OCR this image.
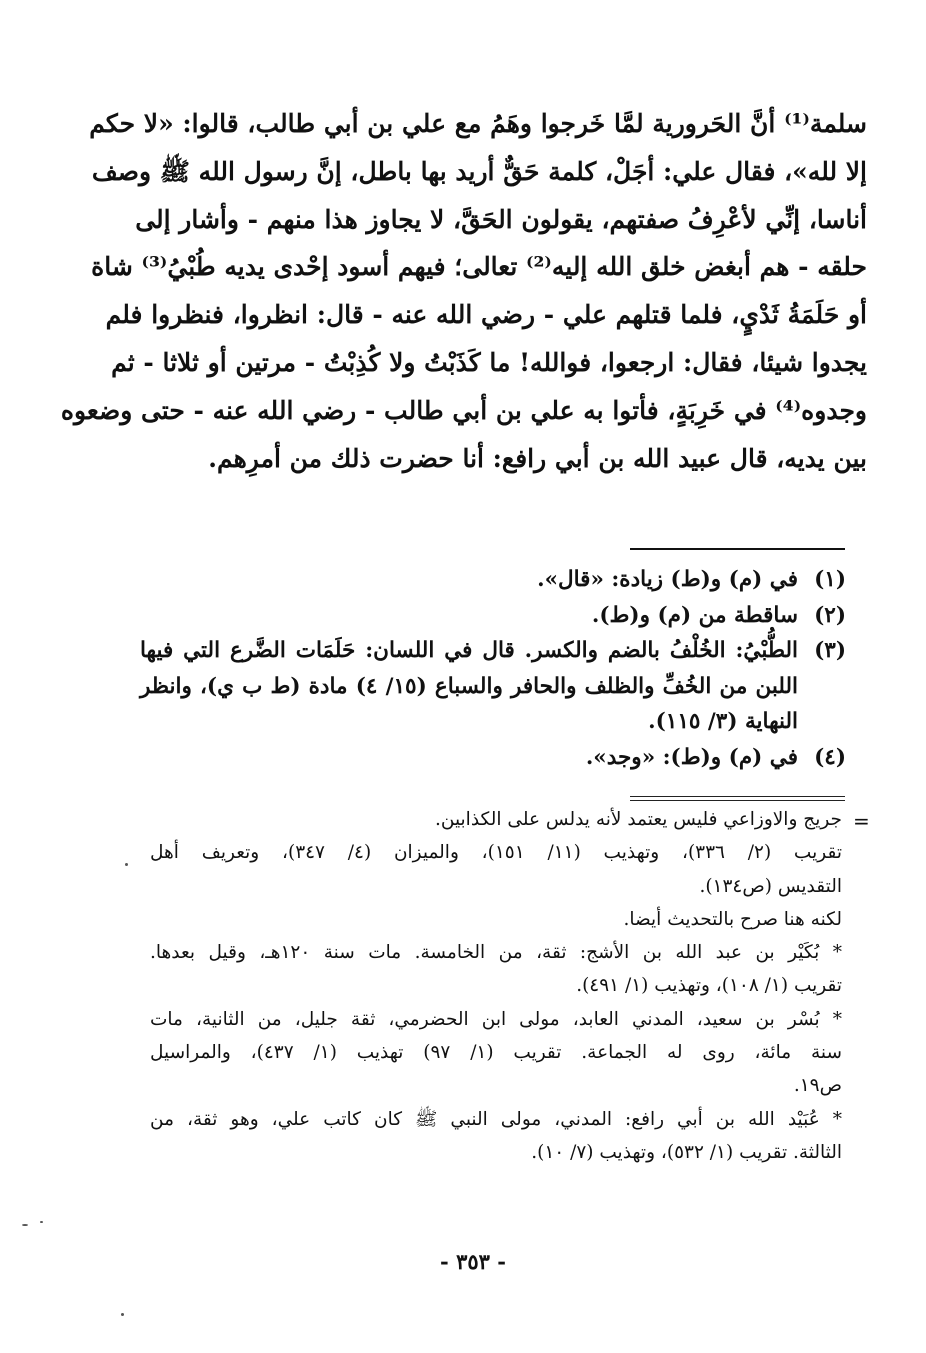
سلمة⁽¹⁾ أنَّ الحَرورية لمَّا خَرجوا وهَمُ مع علي بن أبي طالب، قالوا: «لا حكم
إلا لله»، فقال علي: أجَلْ، كلمة حَقٌّ أريد بها باطل، إنَّ رسول الله ﷺ وصف
أناسا، إنِّي لأعْرِفُ صفتهم، يقولون الحَقَّ، لا يجاوز هذا منهم - وأشار إلى
حلقه - هم أبغض خلق الله إليه⁽²⁾ تعالى؛ فيهم أسود إحْدى يديه طُبْيُ⁽³⁾ شاة
أو حَلَمَةُ ثَدْيٍ، فلما قتلهم علي - رضي الله عنه - قال: انظروا، فنظروا فلم
يجدوا شيئا، فقال: ارجعوا، فوالله! ما كَذَبْتُ ولا كُذِبْتُ - مرتين أو ثلاثا - ثم
وجدوه⁽⁴⁾ في خَرِبَةٍ، فأتوا به علي بن أبي طالب - رضي الله عنه - حتى وضعوه
بين يديه، قال عبيد الله بن أبي رافع: أنا حضرت ذلك من أمرِهم.
(١)
في (م) و(ط) زيادة: «قال».
(٢)
ساقطة من (م) و(ط).
(٣)
الطُّبْيُ: الخُلْفُ بالضم والكسر. قال في اللسان: حَلَمَات الضَّرع التي فيها
اللبن من الخُفِّ والظلف والحافر والسباع (١٥/ ٤) مادة (ط ب ي)، وانظر
النهاية (٣/ ١١٥).
(٤)
في (م) و(ط): «وجد».
=
جريج والاوزاعي فليس يعتمد لأنه يدلس على الكذابين.
تقريب (٢/ ٣٣٦)، وتهذيب (١١/ ١٥١)، والميزان (٤/ ٣٤٧)، وتعريف أهل
التقديس (ص١٣٤).
لكنه هنا صرح بالتحديث أيضا.
* بُكَيْر بن عبد الله بن الأشج: ثقة، من الخامسة. مات سنة ١٢٠هـ، وقيل بعدها.
تقريب (١/ ١٠٨)، وتهذيب (١/ ٤٩١).
* بُسْر بن سعيد، المدني العابد، مولى ابن الحضرمي، ثقة جليل، من الثانية، مات
سنة مائة، روى له الجماعة. تقريب (١/ ٩٧) تهذيب (١/ ٤٣٧)، والمراسيل
ص١٩.
* عُبَيْد الله بن أبي رافع: المدني، مولى النبي ﷺ كان كاتب علي، وهو ثقة، من
الثالثة. تقريب (١/ ٥٣٢)، وتهذيب (٧/ ١٠).
- ٣٥٣ -
